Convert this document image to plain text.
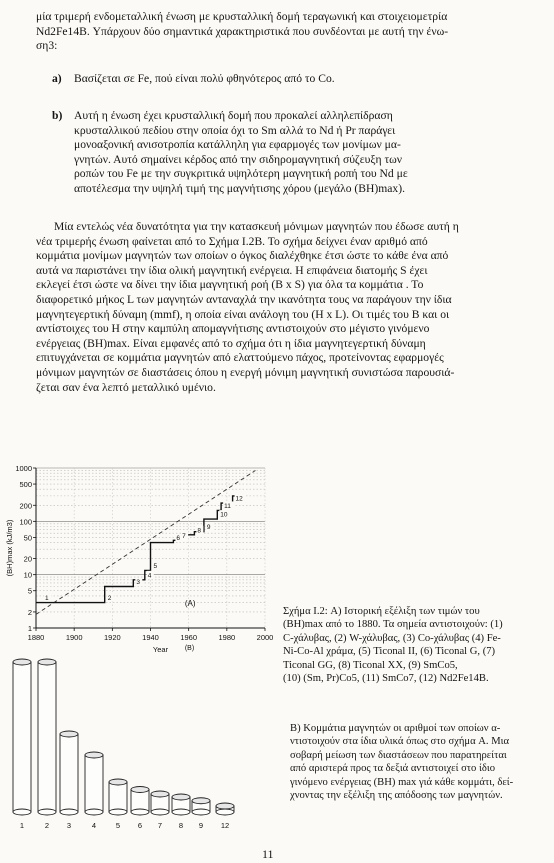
μία τριμερή ενδομεταλλική ένωση με κρυσταλλική δομή τεραγωνική και στοιχειομετρία
Nd2Fe14B. Υπάρχουν δύο σημαντικά χαρακτηριστικά που συνδέονται με αυτή την ένω-
ση3:
a)	Βασίζεται σε Fe, πού είναι πολύ φθηνότερος από το Co.
b) Αυτή η ένωση έχει κρυσταλλική δομή που προκαλεί αλληλεπίδραση
κρυσταλλικού πεδίου στην οποία όχι το Sm αλλά το Nd ή Pr παράγει
μονοαξονική ανισοτροπία κατάλληλη για εφαρμογές των μονίμων μα-
γνητών. Αυτό σημαίνει κέρδος από την σιδηρομαγνητική σύζευξη των
ροπών του Fe με την συγκριτικά υψηλότερη μαγνητική ροπή του Nd με
αποτέλεσμα την υψηλή τιμή της μαγνήτισης χόρου (μεγάλο (BH)max).
Μία εντελώς νέα δυνατότητα για την κατασκευή μόνιμων μαγνητών που έδωσε αυτή η
νέα τριμερής ένωση φαίνεται από το Σχήμα Ι.2Β. Το σχήμα δείχνει έναν αριθμό από
κομμάτια μονίμων μαγνητών των οποίων ο όγκος διαλέχθηκε έτσι ώστε το κάθε ένα από
αυτά να παριστάνει την ίδια ολική μαγνητική ενέργεια. Η επιφάνεια διατομής S έχει
εκλεγεί έτσι ώστε να δίνει την ίδια μαγνητική ροή (B x S) για όλα τα κομμάτια . Το
διαφορετικό μήκος L των μαγνητών ανταναχλά την ικανότητα τους να παράγουν την ίδια
μαγνητεγερτική δύναμη (mmf), η οποία είναι ανάλογη του (H x L). Οι τιμές του B και οι
αντίστοιχες του H στην καμπύλη απομαγνήτισης αντιστοιχούν στο μέγιστο γινόμενο
ενέργειας (BH)max. Είναι εμφανές από το σχήμα ότι η ίδια μαγνητεγερτική δύναμη
επιτυγχάνεται σε κομμάτια μαγνητών από ελαττούμενο πάχος, προτείνοντας εφαρμογές
μόνιμων μαγνητών σε διαστάσεις όπου η ενεργή μόνιμη μαγνητική συνιστώσα παρουσιά-
ζεται σαν ένα λεπτό μεταλλικό υμένιο.
1
2
5
10
20
50
100
200
500
1000
1880	1900	1920	1940	1960	1980	2000
Year
(BH)max (kJ/m3)
(A)
1	2
3
4
5
6 7
8 9
10
11
12
(B)
1	2 3	4	5 6 7 8 9 12
Σχήμα Ι.2: A) Ιστορική εξέλιξη των τιμών του
(BH)max από το 1880. Τα σημεία αντιστοιχούν: (1)
C-χάλυβας, (2) W-χάλυβας, (3) Co-χάλυβας (4) Fe-
Ni-Co-Al χράμα, (5) Ticonal II, (6) Ticonal G, (7)
Ticonal GG, (8) Ticonal XX, (9) SmCo5,
(10) (Sm, Pr)Co5, (11) SmCo7, (12) Nd2Fe14B.
B) Κομμάτια μαγνητών οι αριθμοί των οποίων α-
ντιστοιχούν στα ίδια υλικά όπως στο σχήμα A. Μια
σοβαρή μείωση των διαστάσεων που παρατηρείται
από αριστερά προς τα δεξιά αντιστοιχεί στο ίδιο
γινόμενο ενέργειας (BH) max γιά κάθε κομμάτι, δεί-
χνοντας την εξέλιξη της απόδοσης των μαγνητών.
11
